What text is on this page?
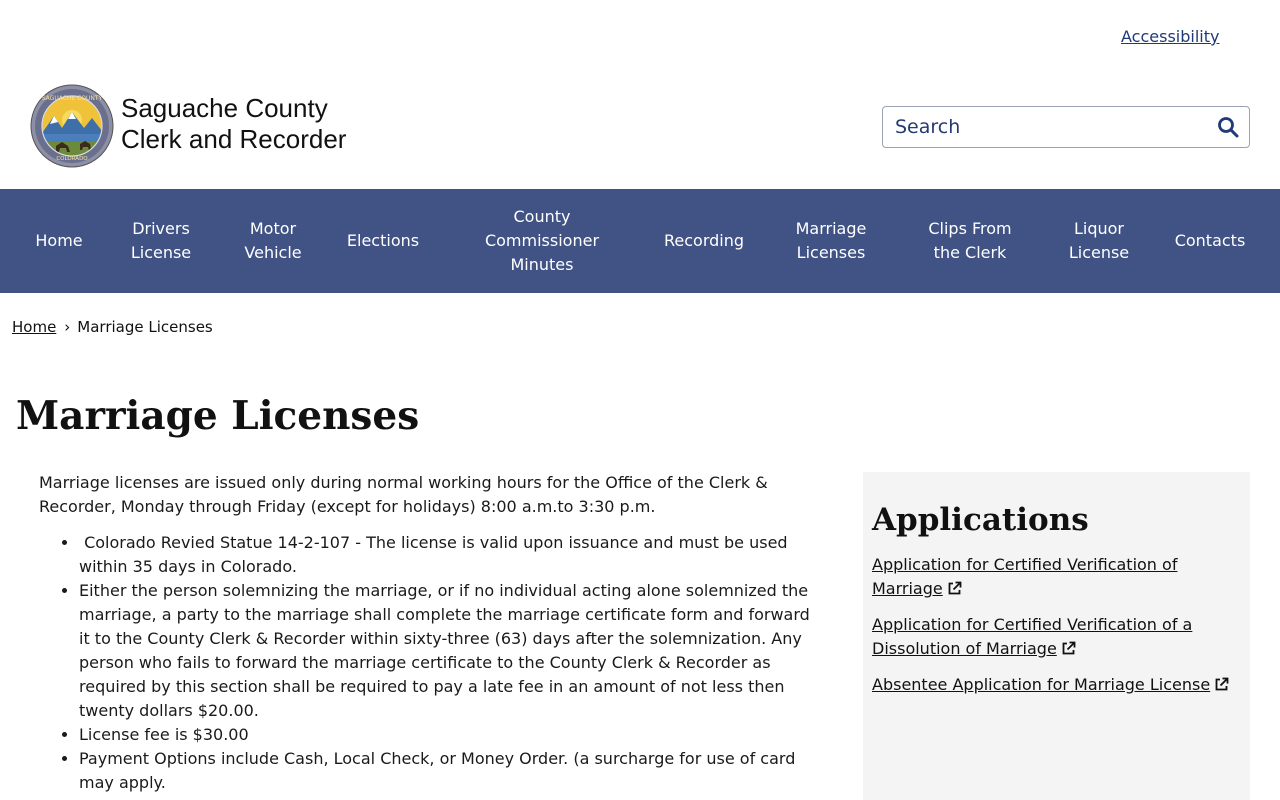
Accessibility
SAGUACHE COUNTY
COLORADO
Saguache County
Clerk and Recorder
Search
Home
Drivers
License
Motor
Vehicle
Elections
County
Commissioner
Minutes
Recording
Marriage
Licenses
Clips From
the Clerk
Liquor
License
Contacts
Home › Marriage Licenses
Marriage Licenses

Marriage licenses are issued only during normal working hours for the Office of the Clerk & Recorder, Monday through Friday (except for holidays) 8:00 a.m.to 3:30 p.m.

•  Colorado Revied Statue 14-2-107 - The license is valid upon issuance and must be used within 35 days in Colorado.
• Either the person solemnizing the marriage, or if no individual acting alone solemnized the marriage, a party to the marriage shall complete the marriage certificate form and forward it to the County Clerk & Recorder within sixty-three (63) days after the solemnization. Any person who fails to forward the marriage certificate to the County Clerk & Recorder as required by this section shall be required to pay a late fee in an amount of not less then twenty dollars $20.00.
• License fee is $30.00
• Payment Options include Cash, Local Check, or Money Order. (a surcharge for use of card may apply.
Applications
Application for Certified Verification of Marriage
Application for Certified Verification of a Dissolution of Marriage
Absentee Application for Marriage License
